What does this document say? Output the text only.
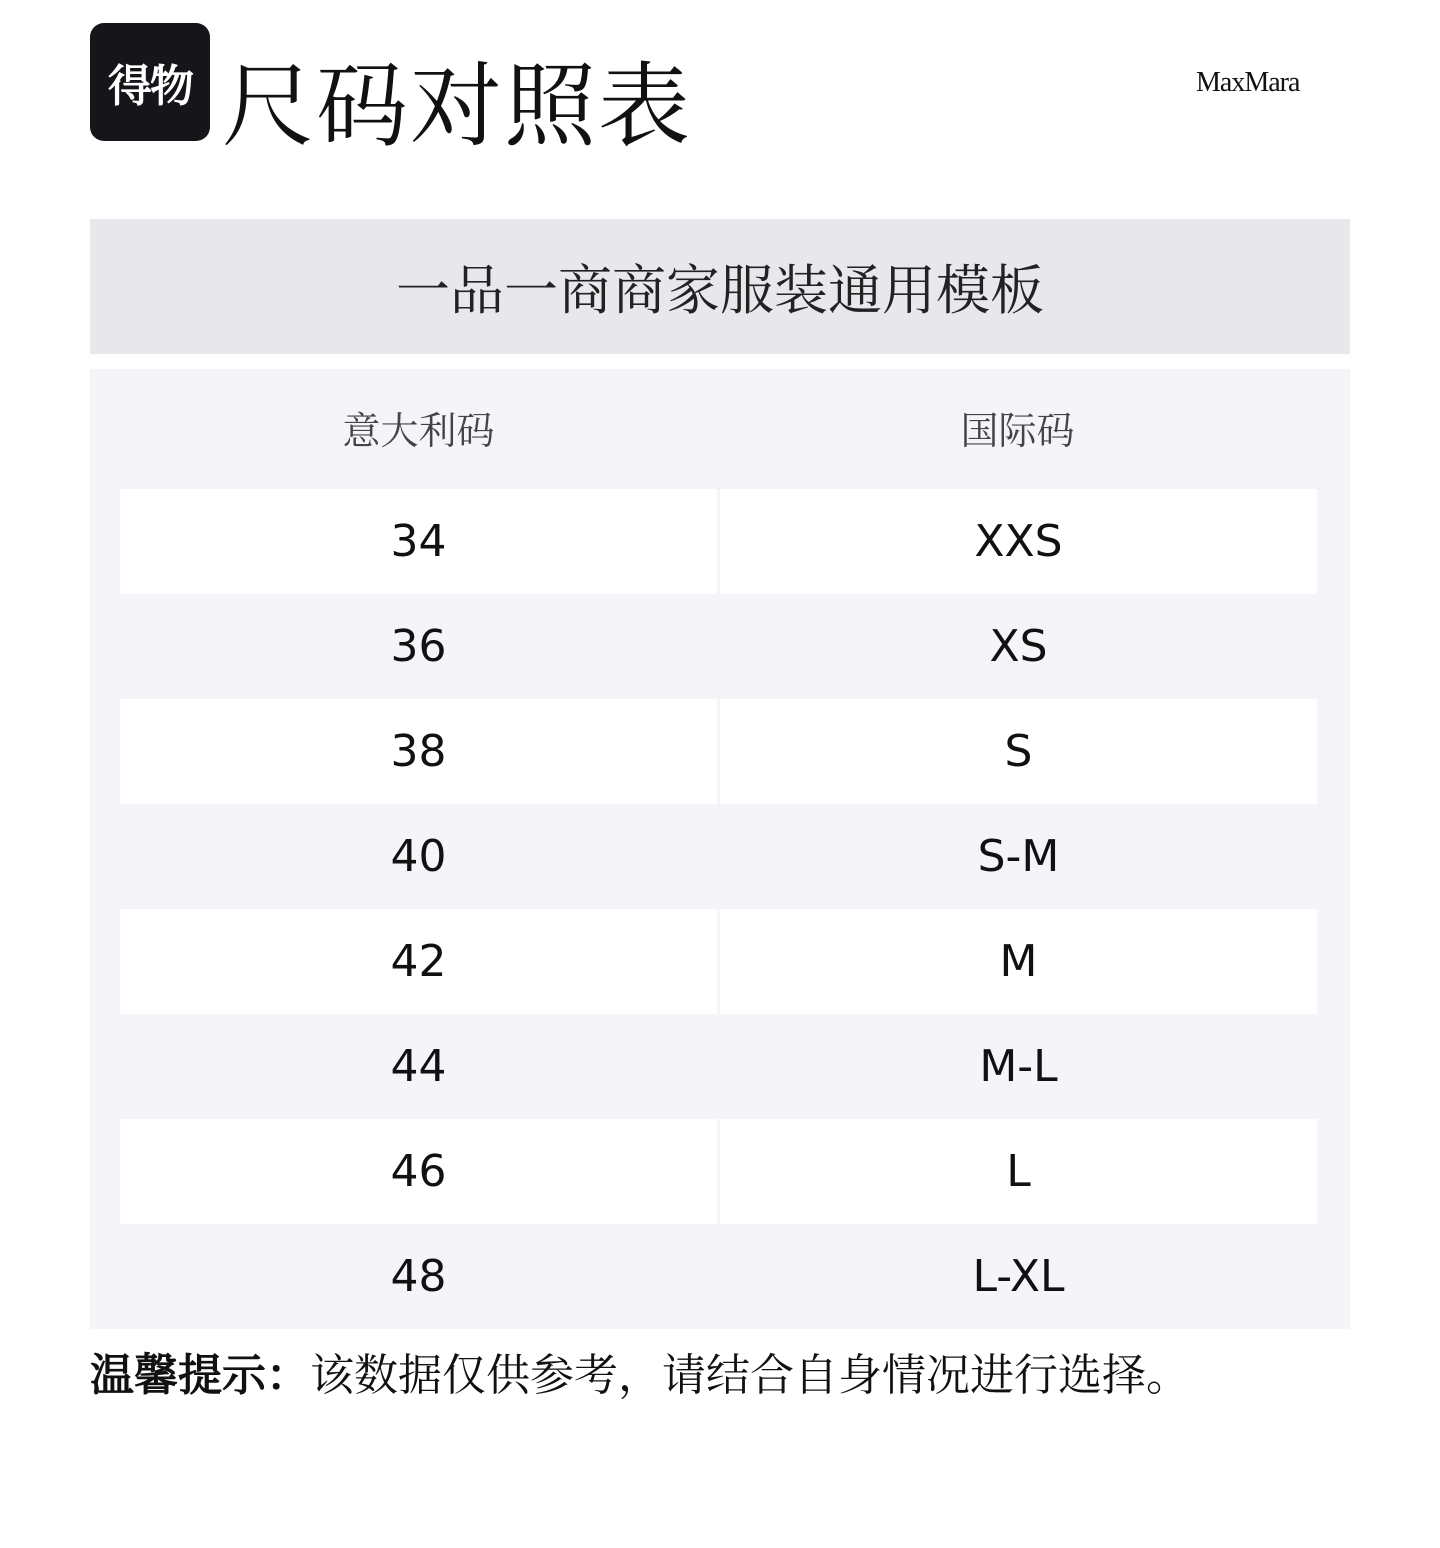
得物 尺码对照表	MaxMara
一品一商商家服装通用模板
意大利码	国际码
34	XXS
36	XS
38	S
40	S-M
42	M
44	M-L
46	L
48	L-XL
温馨提示：该数据仅供参考，请结合自身情况进行选择。
